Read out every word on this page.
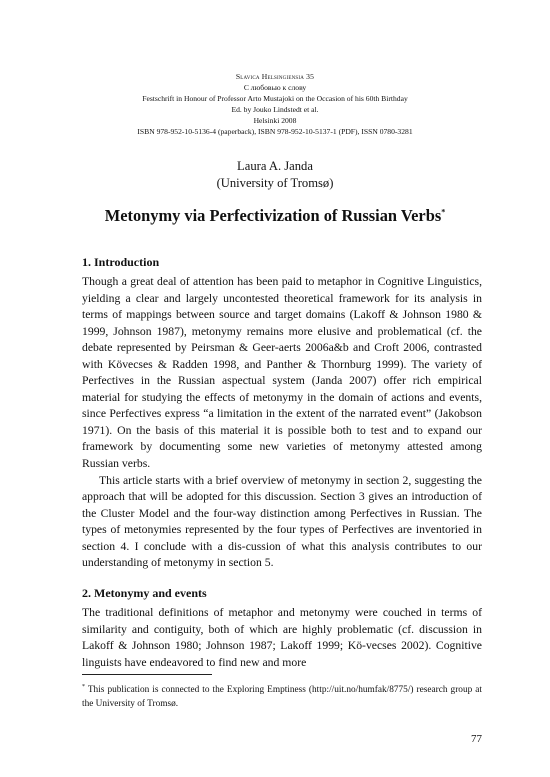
Slavica Helsingiensia 35
С любовью к слову
Festschrift in Honour of Professor Arto Mustajoki on the Occasion of his 60th Birthday
Ed. by Jouko Lindstedt et al.
Helsinki 2008
ISBN 978-952-10-5136-4 (paperback), ISBN 978-952-10-5137-1 (PDF), ISSN 0780-3281
Laura A. Janda
(University of Tromsø)
Metonymy via Perfectivization of Russian Verbs*
1. Introduction
Though a great deal of attention has been paid to metaphor in Cognitive Linguistics, yielding a clear and largely uncontested theoretical framework for its analysis in terms of mappings between source and target domains (Lakoff & Johnson 1980 & 1999, Johnson 1987), metonymy remains more elusive and problematical (cf. the debate represented by Peirsman & Geer-aerts 2006a&b and Croft 2006, contrasted with Kövecses & Radden 1998, and Panther & Thornburg 1999). The variety of Perfectives in the Russian aspectual system (Janda 2007) offer rich empirical material for studying the effects of metonymy in the domain of actions and events, since Perfectives express “a limitation in the extent of the narrated event” (Jakobson 1971). On the basis of this material it is possible both to test and to expand our framework by documenting some new varieties of metonymy attested among Russian verbs.
This article starts with a brief overview of metonymy in section 2, suggesting the approach that will be adopted for this discussion. Section 3 gives an introduction of the Cluster Model and the four-way distinction among Perfectives in Russian. The types of metonymies represented by the four types of Perfectives are inventoried in section 4. I conclude with a dis-cussion of what this analysis contributes to our understanding of metonymy in section 5.
2. Metonymy and events
The traditional definitions of metaphor and metonymy were couched in terms of similarity and contiguity, both of which are highly problematic (cf. discussion in Lakoff & Johnson 1980; Johnson 1987; Lakoff 1999; Kö-vecses 2002). Cognitive linguists have endeavored to find new and more
* This publication is connected to the Exploring Emptiness (http://uit.no/humfak/8775/) research group at the University of Tromsø.
77
